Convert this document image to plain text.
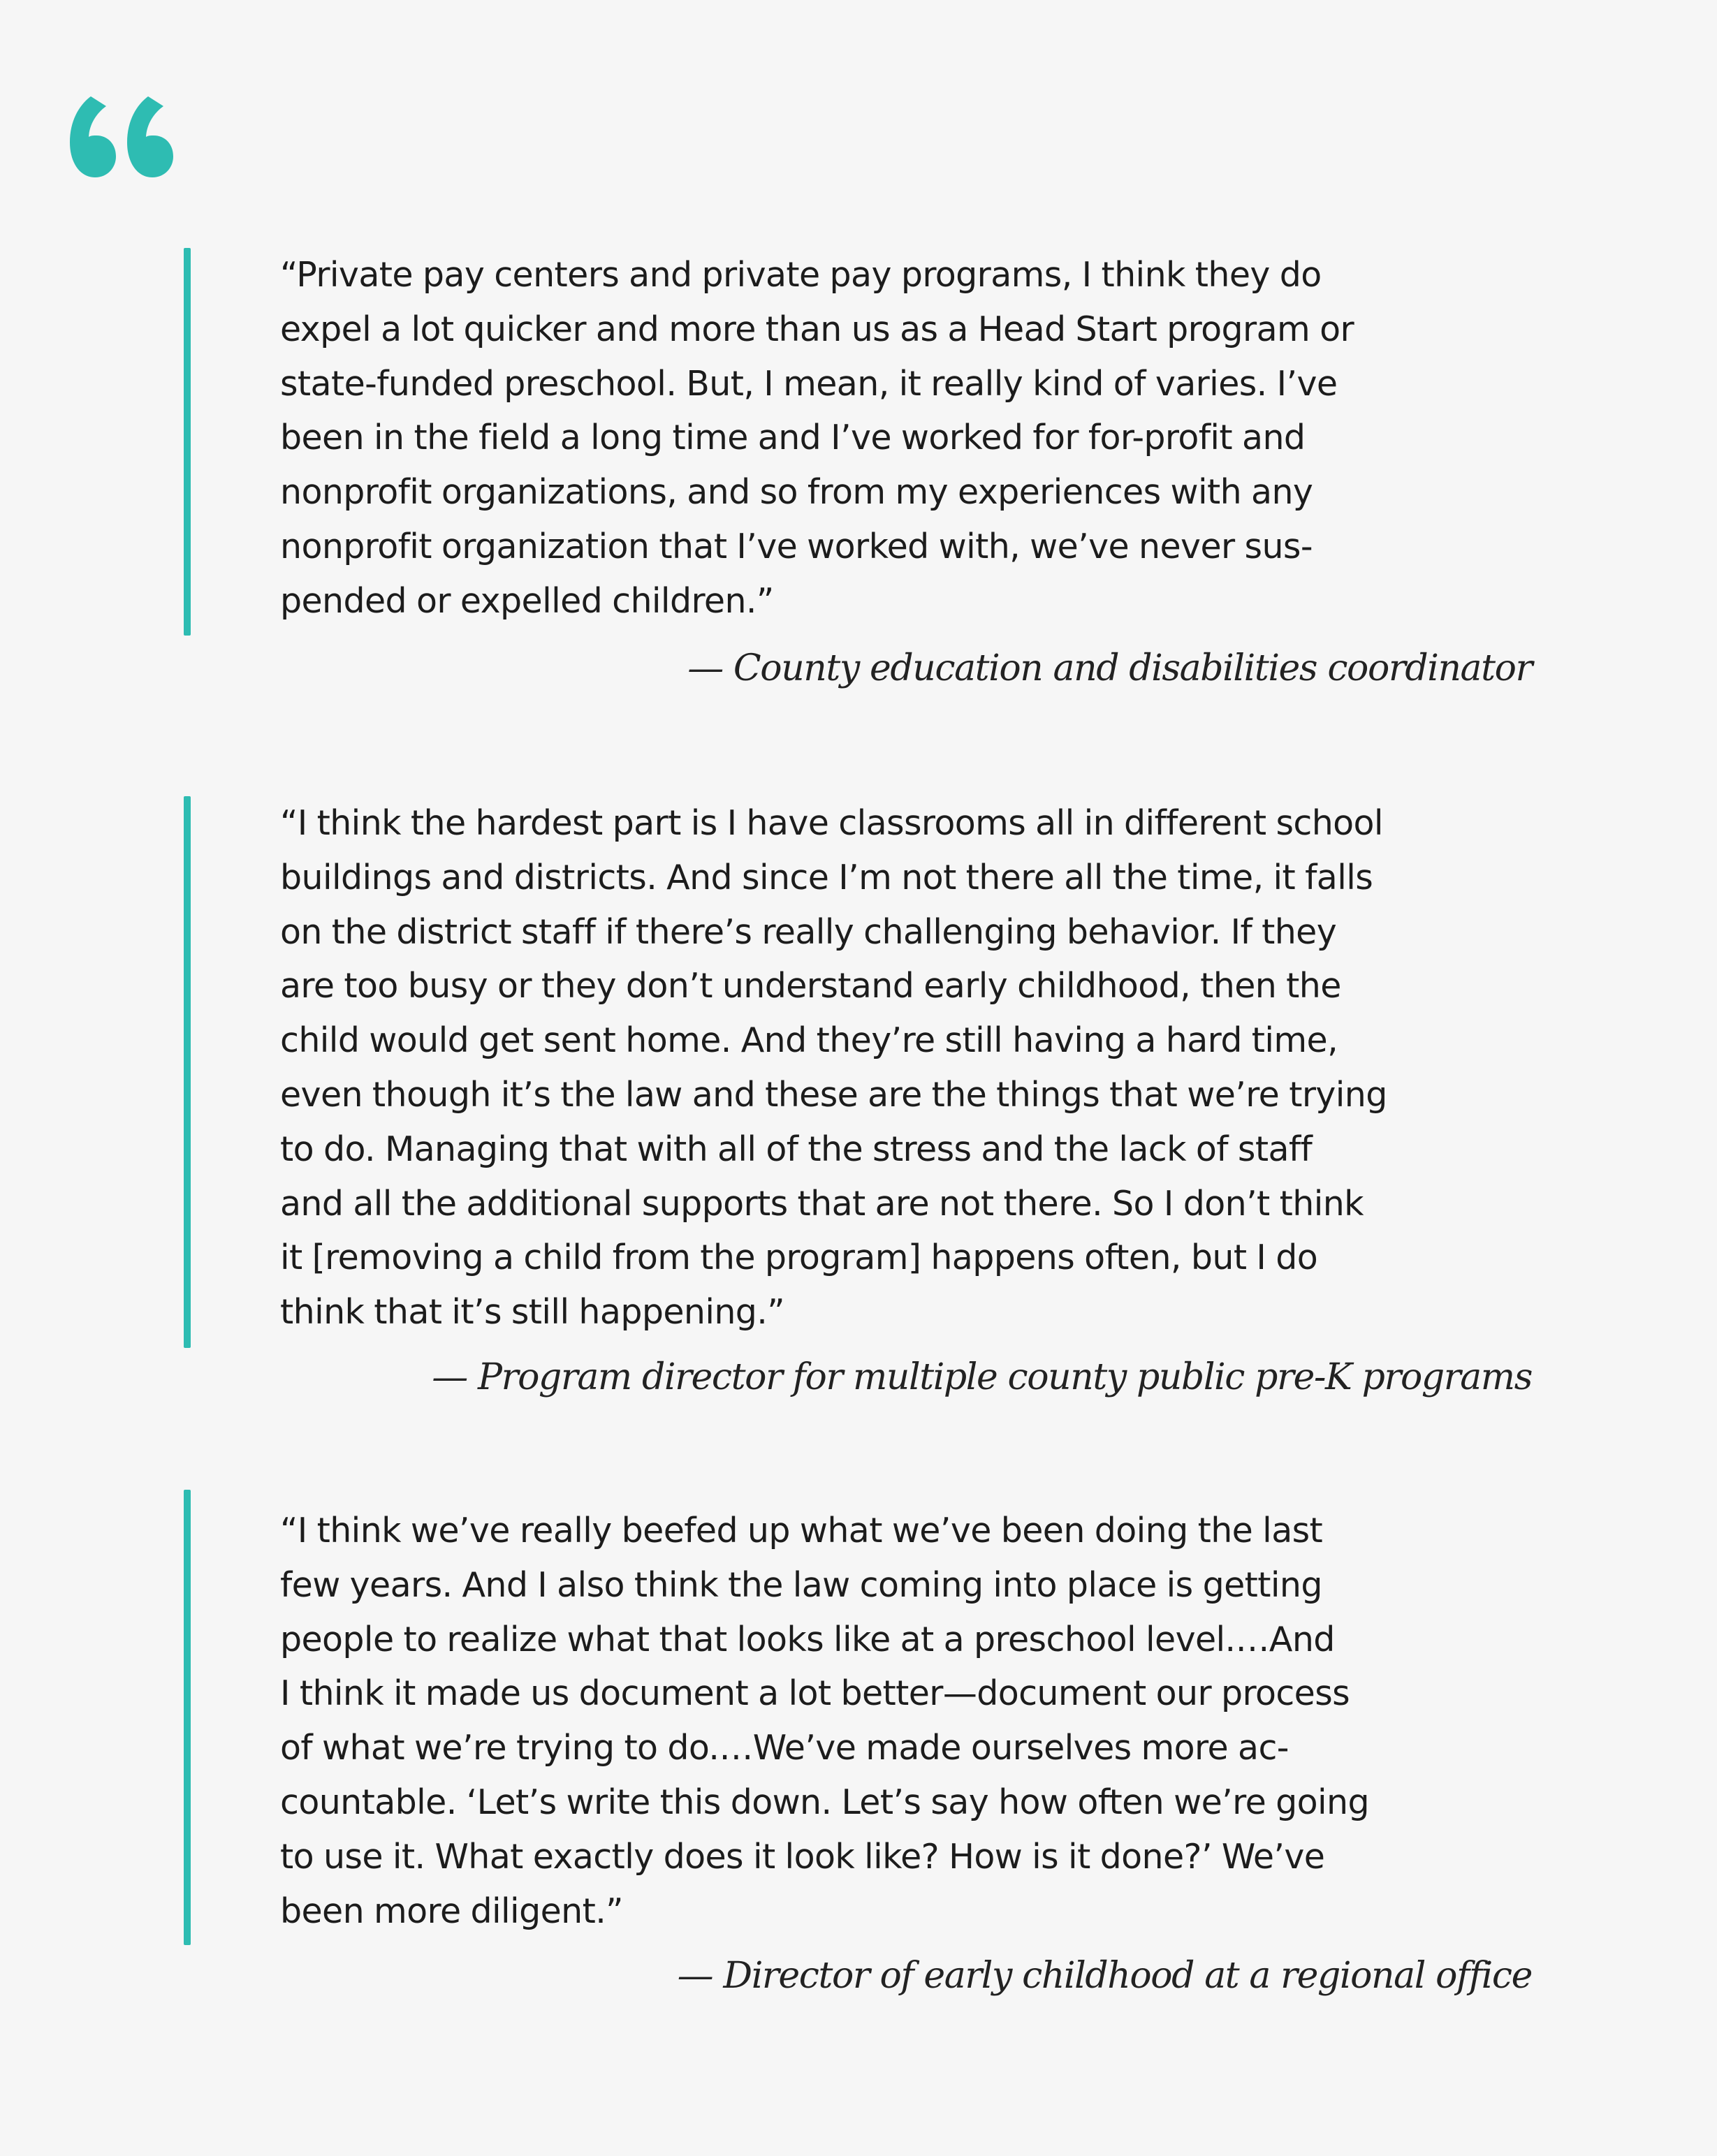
“Private pay centers and private pay programs, I think they do
expel a lot quicker and more than us as a Head Start program or
state-funded preschool. But, I mean, it really kind of varies. I’ve
been in the field a long time and I’ve worked for for-profit and
nonprofit organizations, and so from my experiences with any
nonprofit organization that I’ve worked with, we’ve never sus-
pended or expelled children.”

— County education and disabilities coordinator

“I think the hardest part is I have classrooms all in different school
buildings and districts. And since I’m not there all the time, it falls
on the district staff if there’s really challenging behavior. If they
are too busy or they don’t understand early childhood, then the
child would get sent home. And they’re still having a hard time,
even though it’s the law and these are the things that we’re trying
to do. Managing that with all of the stress and the lack of staff
and all the additional supports that are not there. So I don’t think
it [removing a child from the program] happens often, but I do
think that it’s still happening.”

— Program director for multiple county public pre-K programs

“I think we’ve really beefed up what we’ve been doing the last
few years. And I also think the law coming into place is getting
people to realize what that looks like at a preschool level.…And
I think it made us document a lot better—document our process
of what we’re trying to do.…We’ve made ourselves more ac-
countable. ‘Let’s write this down. Let’s say how often we’re going
to use it. What exactly does it look like? How is it done?’ We’ve
been more diligent.”

— Director of early childhood at a regional office
